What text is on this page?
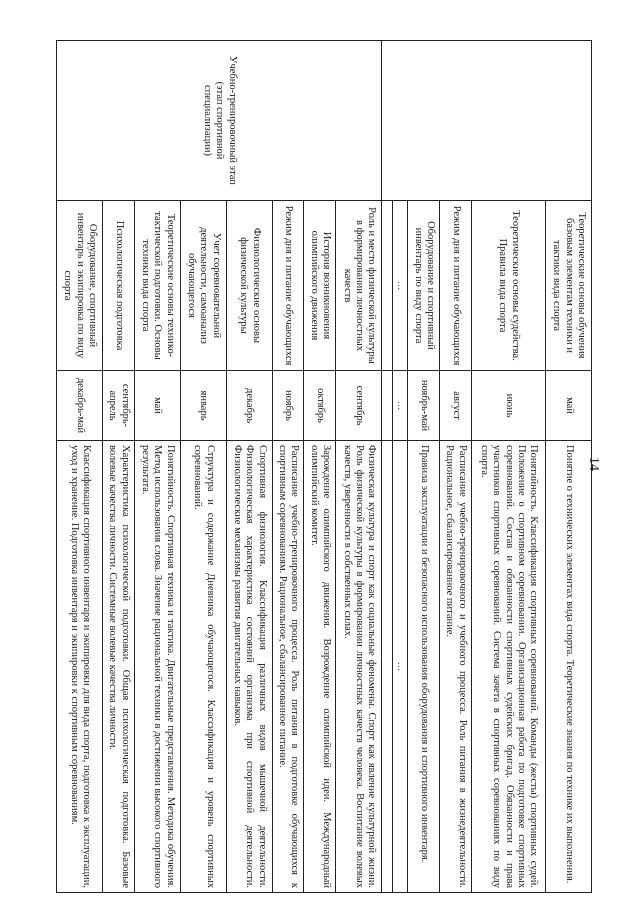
14
	Теоретические основы обучения базовым элементам техники и тактики вида спорта	май	Понятие о технических элементах вида спорта. Теоретические знания по технике их выполнения.
	Теоретические основы судейства. Правила вида спорта	июнь	Понятийность. Классификация спортивных соревнований. Команды (жесты) спортивных судей. Положение о спортивном соревновании. Организационная работа по подготовке спортивных соревнований. Состав и обязанности спортивных судейских бригад. Обязанности и права участников спортивных соревнований. Система зачета в спортивных соревнованиях по виду спорта.
	Режим дня и питание обучающихся	август	Расписание учебно-тренировочного и учебного процесса. Роль питания в жизнедеятельности. Рациональное, сбалансированное питание.
	Оборудование и спортивный инвентарь по виду спорта	ноябрь-май	Правила эксплуатации и безопасного использования оборудования и спортивного инвентаря.
	…	…	…

Учебно-тренировочный этап (этап спортивной специализации)	Роль и место физической культуры в формировании личностных качеств	сентябрь	Физическая культура и спорт как социальные феномены. Спорт как явление культурной жизни. Роль физической культуры в формировании личностных качеств человека. Воспитание волевых качеств, уверенности в собственных силах.
	История возникновения олимпийского движения	октябрь	Зарождение олимпийского движения. Возрождение олимпийской идеи. Международный олимпийский комитет.
	Режим дня и питание обучающихся	ноябрь	Расписание учебно-тренировочного процесса. Роль питания в подготовке обучающихся к спортивным соревнованиям. Рациональное, сбалансированное питание.
	Физиологические основы физической культуры	декабрь	Спортивная физиология. Классификация различных видов мышечной деятельности. Физиологическая характеристика состояний организма при спортивной деятельности. Физиологические механизмы развития двигательных навыков.
	Учет соревновательной деятельности, самоанализ обучающегося	январь	Структура и содержание Дневника обучающегося. Классификация и уровень спортивных соревнований.
	Теоретические основы технико-тактической подготовки. Основы техники вида спорта	май	Понятийность. Спортивная техника и тактика. Двигательные представления. Методика обучения. Метод использования слова. Значение рациональной техники в достижении высокого спортивного результата.
	Психологическая подготовка	сентябрь-апрель	Характеристика психологической подготовки. Общая психологическая подготовка. Базовые волевые качества личности. Системные волевые качества личности.
	Оборудование, спортивный инвентарь и экипировка по виду спорта	декабрь-май	Классификация спортивного инвентаря и экипировки для вида спорта, подготовка к эксплуатации, уход и хранение. Подготовка инвентаря и экипировки к спортивным соревнованиям.
